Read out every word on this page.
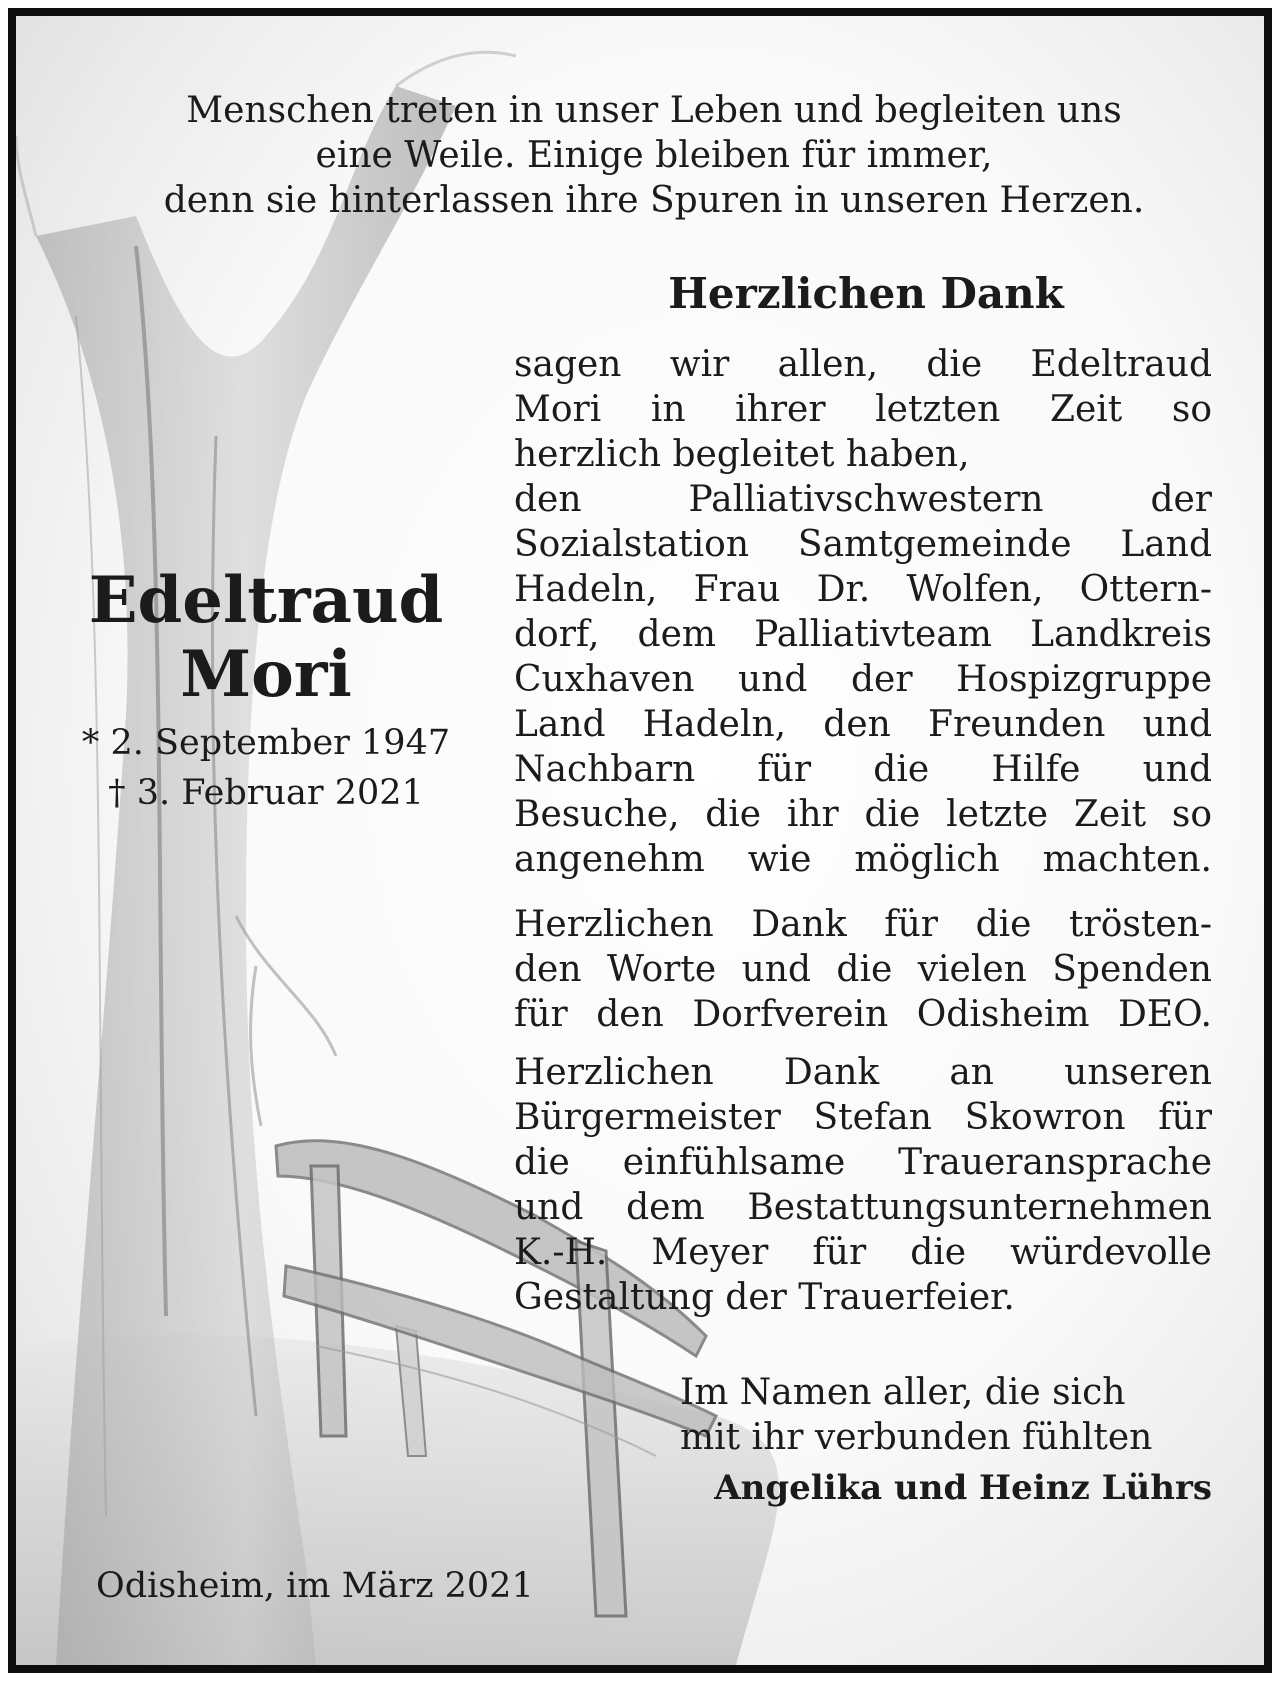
Menschen treten in unser Leben und begleiten uns
eine Weile. Einige bleiben für immer,
denn sie hinterlassen ihre Spuren in unseren Herzen.
Herzlichen Dank
sagen wir allen, die Edeltraud
Mori in ihrer letzten Zeit so
herzlich begleitet haben,
den Palliativschwestern der
Sozialstation Samtgemeinde Land
Hadeln, Frau Dr. Wolfen, Ottern-
dorf, dem Palliativteam Landkreis
Cuxhaven und der Hospizgruppe
Land Hadeln, den Freunden und
Nachbarn für die Hilfe und
Besuche, die ihr die letzte Zeit so
angenehm wie möglich machten.
Herzlichen Dank für die trösten-
den Worte und die vielen Spenden
für den Dorfverein Odisheim DEO.
Herzlichen Dank an unseren
Bürgermeister Stefan Skowron für
die einfühlsame Traueransprache
und dem Bestattungsunternehmen
K.-H. Meyer für die würdevolle
Gestaltung der Trauerfeier.
Edeltraud
Mori
* 2. September 1947
† 3. Februar 2021
Im Namen aller, die sich
mit ihr verbunden fühlten
Angelika und Heinz Lührs
Odisheim, im März 2021
